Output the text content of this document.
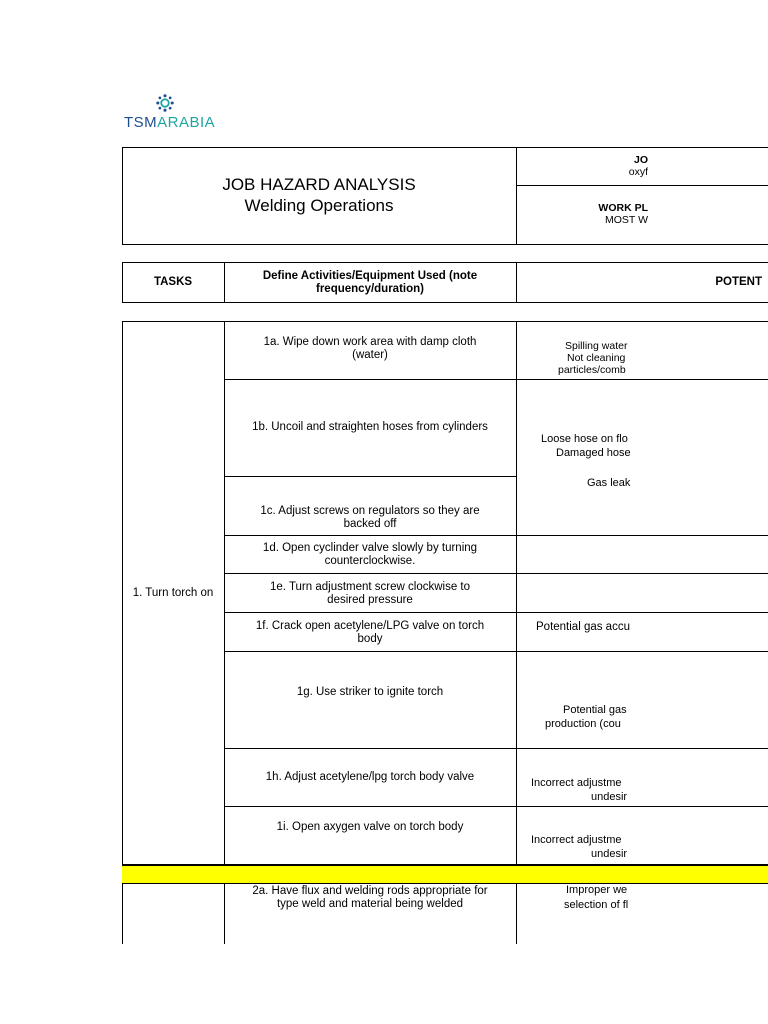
TSMARABIA
JOB HAZARD ANALYSIS
Welding Operations
JO
oxyf
WORK PL
MOST W
TASKS	Define Activities/Equipment Used (note
frequency/duration)
POTENT
1. Turn torch on
1a. Wipe down work area with damp cloth (water)
1b. Uncoil and straighten hoses from cylinders
1c. Adjust screws on regulators so they are backed off
1d. Open cyclinder valve slowly by turning counterclockwise.
1e. Turn adjustment screw clockwise to desired pressure
1f. Crack open acetylene/LPG valve on torch body
1g. Use striker to ignite torch
1h. Adjust acetylene/lpg torch body valve
1i. Open axygen valve on torch body
Spilling water
Not cleaning
particles/comb
Loose hose on flo
Damaged hose
Gas leak
Potential gas accu
Potential gas
production (cou
Incorrect adjustme
undesir
Incorrect adjustme
undesir
2a. Have flux and welding rods appropriate for
type weld and material being welded
Improper we
selection of fl
